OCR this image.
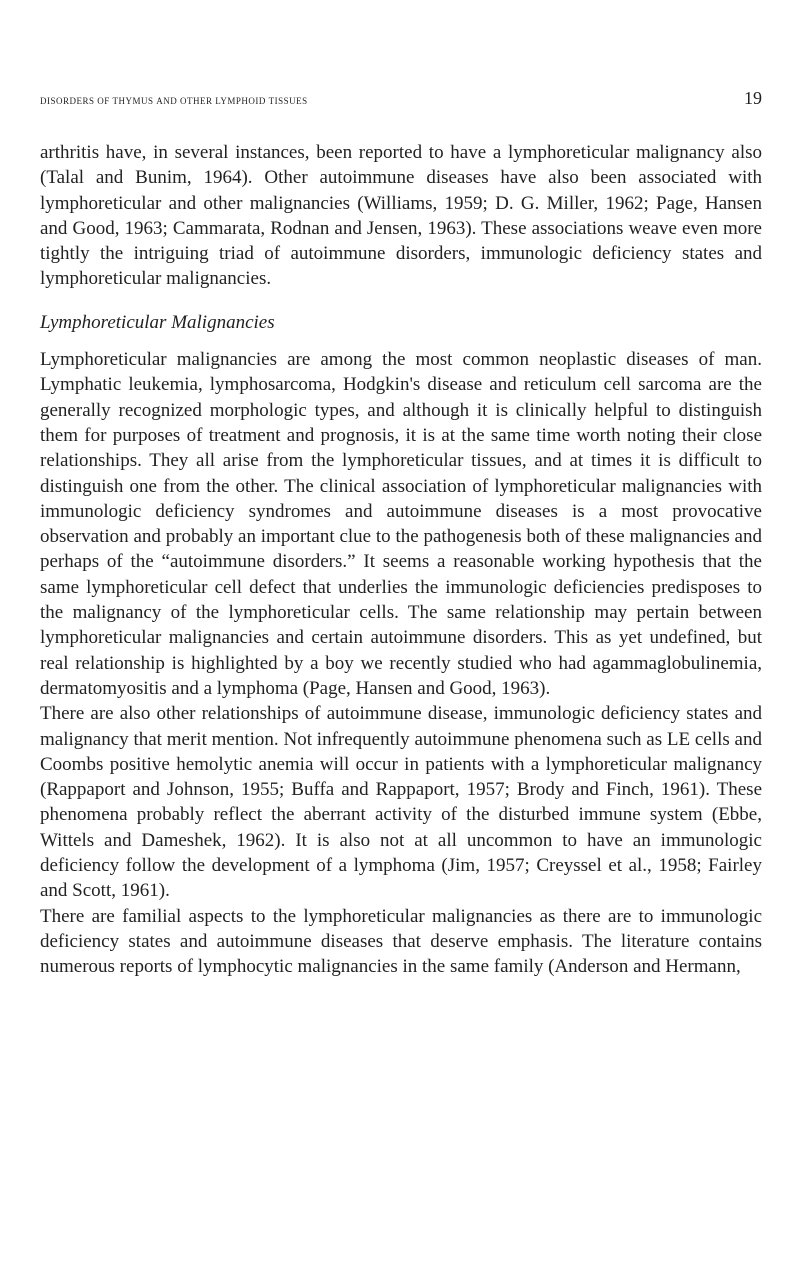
disorders of thymus and other lymphoid tissues	19

arthritis have, in several instances, been reported to have a lymphoreticular malignancy also (Talal and Bunim, 1964). Other autoimmune diseases have also been associated with lymphoreticular and other malignancies (Williams, 1959; D. G. Miller, 1962; Page, Hansen and Good, 1963; Cammarata, Rodnan and Jensen, 1963). These associations weave even more tightly the intriguing triad of autoimmune disorders, immunologic deficiency states and lymphoreticular malignancies.

Lymphoreticular Malignancies

Lymphoreticular malignancies are among the most common neoplastic diseases of man. Lymphatic leukemia, lymphosarcoma, Hodgkin's disease and reticulum cell sarcoma are the generally recognized morphologic types, and although it is clinically helpful to distinguish them for purposes of treatment and prognosis, it is at the same time worth noting their close relationships. They all arise from the lymphoreticular tissues, and at times it is difficult to distinguish one from the other. The clinical association of lymphoreticular malignancies with immunologic deficiency syndromes and autoimmune diseases is a most provocative observation and probably an important clue to the pathogenesis both of these malignancies and perhaps of the “autoimmune disorders.” It seems a reasonable working hypothesis that the same lymphoreticular cell defect that underlies the immunologic deficiencies predisposes to the malignancy of the lymphoreticular cells. The same relationship may pertain between lymphoreticular malignancies and certain autoimmune disorders. This as yet undefined, but real relationship is highlighted by a boy we recently studied who had agammaglobulinemia, dermatomyositis and a lymphoma (Page, Hansen and Good, 1963).

There are also other relationships of autoimmune disease, immunologic deficiency states and malignancy that merit mention. Not infrequently autoimmune phenomena such as LE cells and Coombs positive hemolytic anemia will occur in patients with a lymphoreticular malignancy (Rappaport and Johnson, 1955; Buffa and Rappaport, 1957; Brody and Finch, 1961). These phenomena probably reflect the aberrant activity of the disturbed immune system (Ebbe, Wittels and Dameshek, 1962). It is also not at all uncommon to have an immunologic deficiency follow the development of a lymphoma (Jim, 1957; Creyssel et al., 1958; Fairley and Scott, 1961).

There are familial aspects to the lymphoreticular malignancies as there are to immunologic deficiency states and autoimmune diseases that deserve emphasis. The literature contains numerous reports of lymphocytic malignancies in the same family (Anderson and Hermann,
